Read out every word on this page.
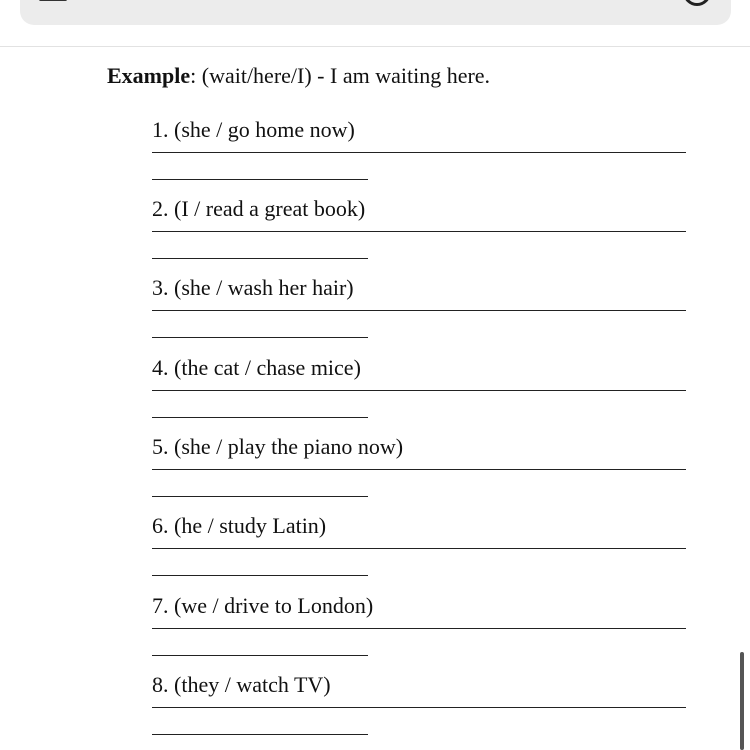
Example: (wait/here/I) - I am waiting here.
1. (she / go home now)
2. (I / read a great book)
3. (she / wash her hair)
4. (the cat / chase mice)
5. (she / play the piano now)
6. (he / study Latin)
7. (we / drive to London)
8. (they / watch TV)
